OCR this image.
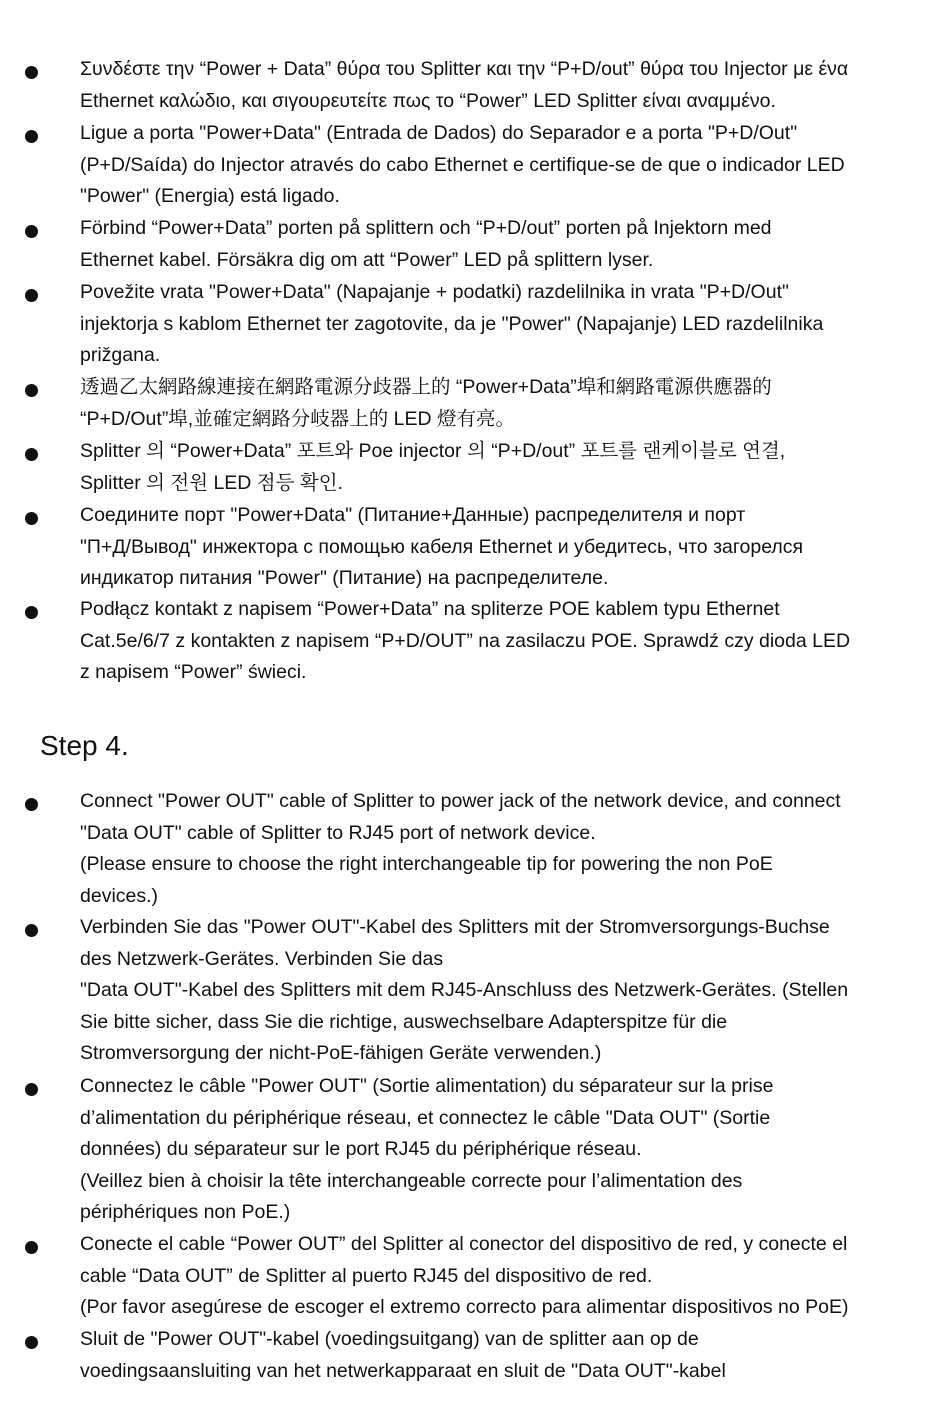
Συνδέστε την “Power + Data” θύρα του Splitter και την “P+D/out” θύρα του Injector με ένα
Ethernet καλώδιο, και σιγουρευτείτε πως το “Power” LED Splitter είναι αναμμένο.
Ligue a porta "Power+Data" (Entrada de Dados) do Separador e a porta "P+D/Out"
(P+D/Saída) do Injector através do cabo Ethernet e certifique-se de que o indicador LED
"Power" (Energia) está ligado.
Förbind “Power+Data” porten på splittern och “P+D/out” porten på Injektorn med
Ethernet kabel. Försäkra dig om att “Power” LED på splittern lyser.
Povežite vrata "Power+Data" (Napajanje + podatki) razdelilnika in vrata "P+D/Out"
injektorja s kablom Ethernet ter zagotovite, da je "Power" (Napajanje) LED razdelilnika
prižgana.
透過乙太網路線連接在網路電源分歧器上的 “Power+Data”埠和網路電源供應器的
“P+D/Out”埠,並確定網路分岐器上的 LED 燈有亮。
Splitter 의 “Power+Data” 포트와 Poe injector 의 “P+D/out” 포트를 랜케이블로 연결,
Splitter 의 전원 LED 점등 확인.
Соедините порт "Power+Data" (Питание+Данные) распределителя и порт
"П+Д/Вывод" инжектора с помощью кабеля Ethernet и убедитесь, что загорелся
индикатор питания "Power" (Питание) на распределителе.
Podłącz kontakt z napisem “Power+Data” na spliterze POE kablem typu Ethernet
Cat.5e/6/7 z kontakten z napisem “P+D/OUT” na zasilaczu POE. Sprawdź czy dioda LED
z napisem “Power” świeci.
Step 4.
Connect "Power OUT" cable of Splitter to power jack of the network device, and connect
"Data OUT" cable of Splitter to RJ45 port of network device.
(Please ensure to choose the right interchangeable tip for powering the non PoE
devices.)
Verbinden Sie das "Power OUT"-Kabel des Splitters mit der Stromversorgungs-Buchse
des Netzwerk-Gerätes. Verbinden Sie das
"Data OUT"-Kabel des Splitters mit dem RJ45-Anschluss des Netzwerk-Gerätes. (Stellen
Sie bitte sicher, dass Sie die richtige, auswechselbare Adapterspitze für die
Stromversorgung der nicht-PoE-fähigen Geräte verwenden.)
Connectez le câble "Power OUT" (Sortie alimentation) du séparateur sur la prise
d’alimentation du périphérique réseau, et connectez le câble "Data OUT" (Sortie
données) du séparateur sur le port RJ45 du périphérique réseau.
(Veillez bien à choisir la tête interchangeable correcte pour l’alimentation des
périphériques non PoE.)
Conecte el cable “Power OUT” del Splitter al conector del dispositivo de red, y conecte el
cable “Data OUT” de Splitter al puerto RJ45 del dispositivo de red.
(Por favor asegúrese de escoger el extremo correcto para alimentar dispositivos no PoE)
Sluit de "Power OUT"-kabel (voedingsuitgang) van de splitter aan op de
voedingsaansluiting van het netwerkapparaat en sluit de "Data OUT"-kabel
